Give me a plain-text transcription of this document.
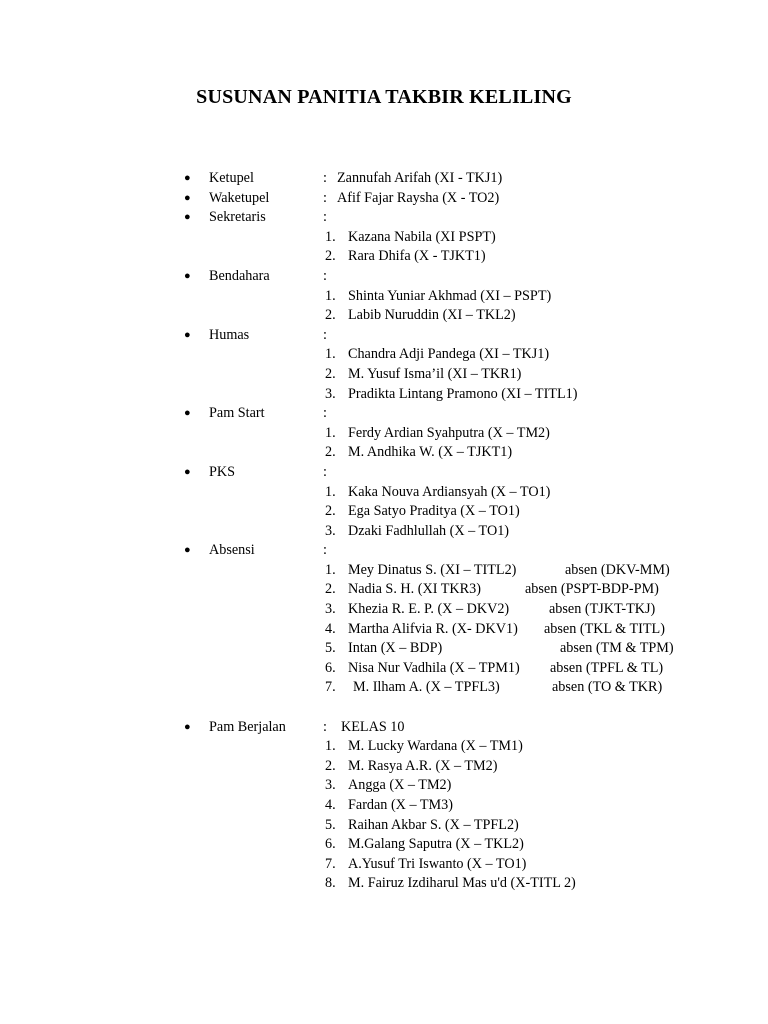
SUSUNAN PANITIA TAKBIR KELILING
● Ketupel	: Zannufah Arifah (XI - TKJ1)
● Waketupel	: Afif Fajar Raysha (X - TO2)
● Sekretaris	:
1. Kazana Nabila (XI PSPT)
2. Rara Dhifa (X - TJKT1)
● Bendahara	:
1. Shinta Yuniar Akhmad (XI – PSPT)
2. Labib Nuruddin (XI – TKL2)
● Humas	:
1. Chandra Adji Pandega (XI – TKJ1)
2. M. Yusuf Isma’il (XI – TKR1)
3. Pradikta Lintang Pramono (XI – TITL1)
● Pam Start	:
1. Ferdy Ardian Syahputra (X – TM2)
2. M. Andhika W. (X – TJKT1)
● PKS	:
1. Kaka Nouva Ardiansyah (X – TO1)
2. Ega Satyo Praditya (X – TO1)
3. Dzaki Fadhlullah (X – TO1)
● Absensi	:
1. Mey Dinatus S. (XI – TITL2)	absen (DKV-MM)
2. Nadia S. H. (XI TKR3)	absen (PSPT-BDP-PM)
3. Khezia R. E. P. (X – DKV2)	absen (TJKT-TKJ)
4. Martha Alifvia R. (X- DKV1) absen (TKL & TITL)
5. Intan (X – BDP)	absen (TM & TPM)
6. Nisa Nur Vadhila (X – TPM1) absen (TPFL & TL)
7. M. Ilham A. (X – TPFL3)	absen (TO & TKR)
● Pam Berjalan	: KELAS 10
1. M. Lucky Wardana (X – TM1)
2. M. Rasya A.R. (X – TM2)
3. Angga (X – TM2)
4. Fardan (X – TM3)
5. Raihan Akbar S. (X – TPFL2)
6. M.Galang Saputra (X – TKL2)
7. A.Yusuf Tri Iswanto (X – TO1)
8. M. Fairuz Izdiharul Mas u'd (X-TITL 2)
